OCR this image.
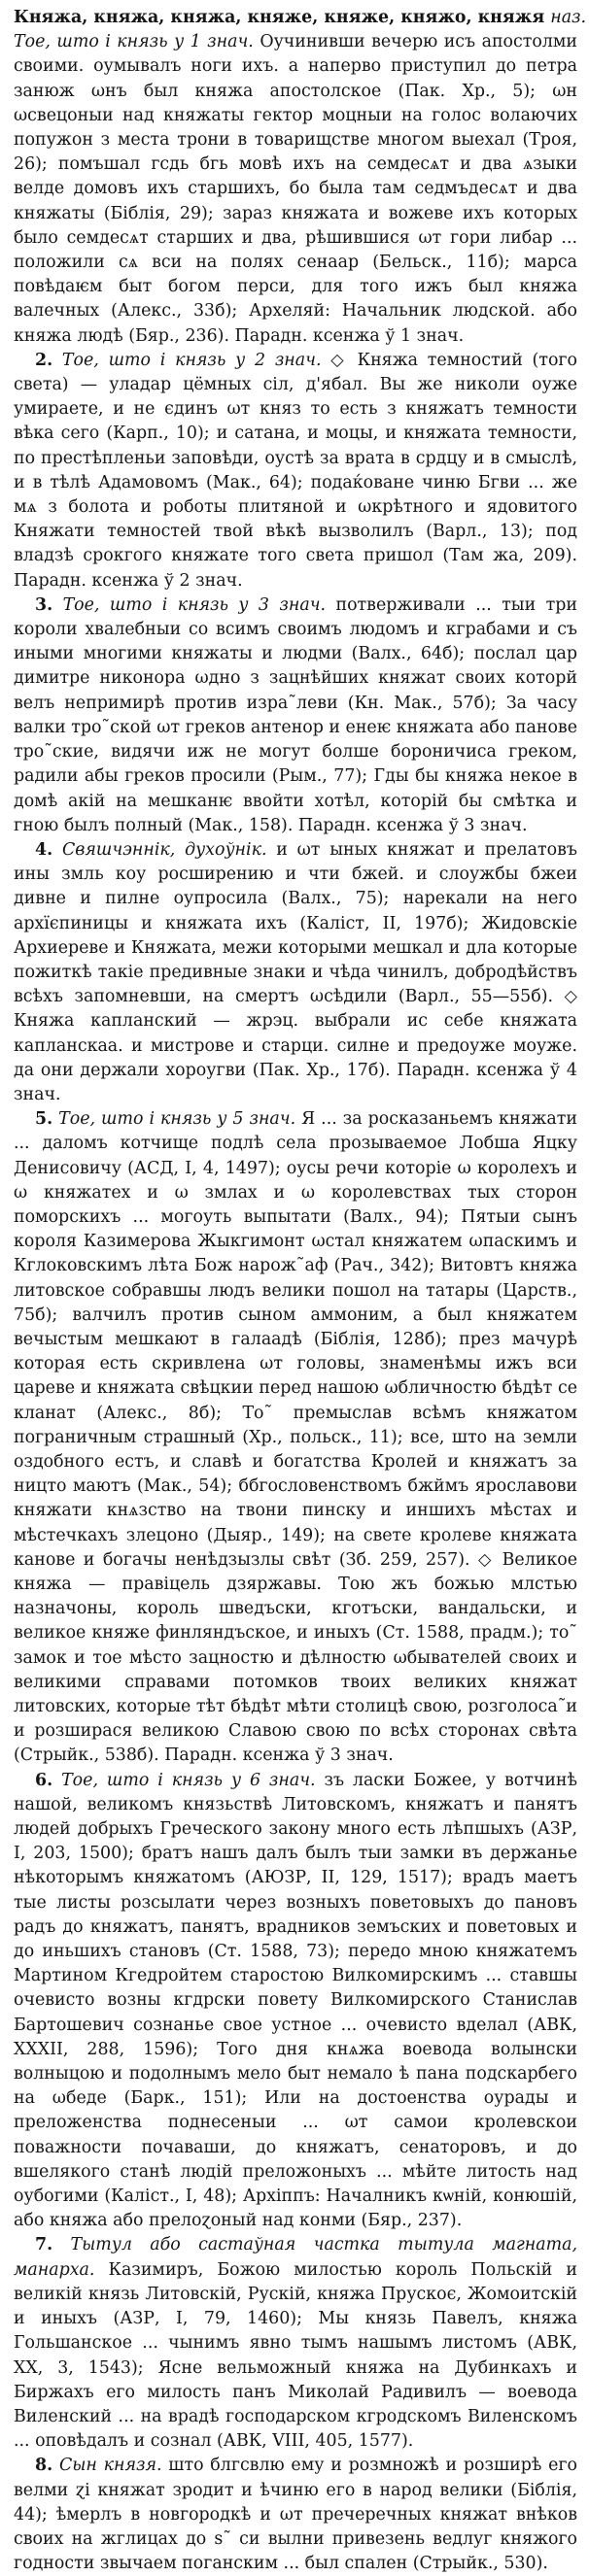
Княжа, княжа, княжа, княже, княже, княжо, княжя наз.

Тое, што і князь у 1 знач. Оучинивши вечерю исъ апостолми своими. оумывалъ ноги ихъ. а наперво приступил до петра занюж ωнъ был княжа апостолское (Пак. Хр., 5); ωн ωсвецоныи над княжаты гектор моцныи на голос волаючих попужон з места трони в товарищстве многом выехал (Троя, 26); помъшал гсдь бгь мовѣ ихъ на семдесѧт и два ѧзыки велде домовъ ихъ старшихъ, бо была там седмъдесѧт и два княжаты (Біблія, 29); зараз княжата и вожеве ихъ которых было семдесѧт старших и два, рѣшившися ωт гори либар ... положили сѧ вси на полях сенаар (Бельск., 11б); марса повѣдаѥм быт богом перси, для того ижъ был княжа валечных (Алекс., 33б); Археляй: Начальник людской. або княжа людѣ (Бяр., 236). Парадн. ксенжа ў 1 знач.

2. Тое, што і князь у 2 знач. ◇ Княжа темностий (того света) — уладар цёмных сіл, д'ябал. Вы же николи оуже умираете, и не єдинъ ωт княз то есть з княжатъ темности вѣка сего (Карп., 10); и сатана, и моцы, и княжата темности, по престѣпленьи заповѣди, оустѣ за врата в срдцу и в смыслѣ, и в тѣлѣ Адамовомъ (Мак., 64); подаќоване чиню Бгви ... же мѧ з болота и роботы плитяной и ωкрѣтного и ядовитого Княжати темностей твой вѣкѣ вызволилъ (Варл., 13); под владзѣ срокгого княжате того света пришол (Там жа, 209). Парадн. ксенжа ў 2 знач.

3. Тое, што і князь у 3 знач. потверживали ... тыи три короли хвалебныи со всимъ своимъ людомъ и кграбами и съ иными многими княжаты и людми (Валх., 64б); послал цар димитре никонора ωдно з зацнѣйших княжат своих которй велъ непримирѣ против изра˜леви (Кн. Мак., 57б); За часу валки тро˜ской ωт греков антенор и енеѥ княжата або панове тро˜ские, видячи иж не могут болше бороничиса греком, радили абы греков просили (Рым., 77); Гды бы княжа некое в домѣ акій на мешканѥ ввойти хотѣл, которій бы смѣтка и гною былъ полный (Мак., 158). Парадн. ксенжа ў 3 знач.

4. Свяшчэннік, духоўнік. и ωт ыных княжат и прелатовъ ины змль коу росширению и чти бжей. и слоужбы бжеи дивне и пилне оупросила (Валх., 75); нарекали на него архїєпиницы и княжата ихъ (Каліст, II, 197б); Жидовскіе Архиереве и Княжата, межи которыми мешкал и дла которые пожиткѣ такіе предивные знаки и чѣда чинилъ, добродѣйствъ всѣхъ запомневши, на смертъ ωсѣдили (Варл., 55—55б). ◇ Княжа капланский — жрэц. выбрали ис себе княжата капланскаа. и мистрове и старци. силне и предоуже моуже. да они держали хороугви (Пак. Хр., 17б). Парадн. ксенжа ў 4 знач.

5. Тое, што і князь у 5 знач. Я ... за росказаньемъ княжати ... даломъ котчище подлѣ села прозываемое Лобша Яцку Денисовичу (АСД, І, 4, 1497); оусы речи которіе ω королехъ и ω княжатех и ω змлах и ω королевствах тых сторон поморскихъ ... могоуть выпытати (Валх., 94); Пятыи сынъ короля Казимерова Жыкгимонт ωстал княжатем ωпаскимъ и Кглоковскимъ лѣта Бож нарож˜аф (Рач., 342); Витовтъ княжа литовское собравшы людъ велики пошол на татары (Царств., 75б); валчилъ против сыном аммоним, а был княжатем вечыстым мешкают в галаадѣ (Біблія, 128б); през мачурѣ которая есть скривлена ωт головы, знаменѣмы ижъ вси цареве и княжата свѣцкии перед нашою ωбличностю бѣдѣт се кланат (Алекс., 8б); То˜ премыслав всѣмъ княжатом пограничным страшный (Хр., польск., 11); все, што на земли оздобного естъ, и славѣ и богатства Кролей и княжатъ за ницто маютъ (Мак., 54); ббгословенствомъ бжймъ ярославови княжати кнѧзство на твони пинску и иншихъ мѣстах и мѣстечкахъ злецоно (Дыяр., 149); на свете кролеве княжата канове и богачы ненѣдзызлы свѣт (Зб. 259, 257). ◇ Великое княжа — правіцель дзяржавы. Тою жъ божью млстью назначоны, король шведъски, кготъски, вандальски, и великое княже финляндъское, и иныхъ (Ст. 1588, прадм.); то˜ замок и тое мѣсто зацностю и дѣлностю ωбывателей своих и великими справами потомков твоих великих княжат литовских, которые тѣт бѣдѣт мѣти столицѣ свою, розголоса˜и и розширася великою Славою свою по всѣх сторонах свѣта (Стрыйк., 538б). Парадн. ксенжа ў 3 знач.

6. Тое, што і князь у 6 знач. зъ ласки Божее, у вотчинѣ нашой, великомъ князьствѣ Литовскомъ, княжатъ и панятъ людей добрыхъ Греческого закону много есть лѣпшыхъ (АЗР, І, 203, 1500); братъ нашъ далъ былъ тыи замки въ держанье нѣкоторымъ княжатомъ (АЮЗР, ІІ, 129, 1517); врадъ маетъ тые листы розсылати через возныхъ поветовыхъ до пановъ радъ до княжатъ, панятъ, врадников земъских и поветовых и до иньшихъ становъ (Ст. 1588, 73); передо мною княжатемъ Мартином Кгедройтем старостою Вилкомирскимъ ... ставшы очевисто возны кгдрски повету Вилкомирского Станислав Бартошевич сознанье свое устное ... очевисто вделал (АВК, XXXII, 288, 1596); Того дня кнѧжа воевода волынски волныцою и подолнымъ мело быт немало ѣ пана подскарбего на ωбеде (Барк., 151); Или на достоенства оурады и преложенства поднесеныи ... ωт самои кролевскои поважности почаваши, до княжатъ, сенаторовъ, и до вшелякого станѣ людій преложоныхъ ... мѣйте литость над оубогими (Каліст., І, 48); Архіппъ: Началникъ кѡнiй, конюшій, або княжа або прелоɀоный над конми (Бяр., 237).

7. Тытул або састаўная частка тытула магната, манарха. Казимиръ, Божою милостью король Польскій и великій князь Литовскій, Рускій, княжа Прускоє, Жомоитскій и иныхъ (АЗР, І, 79, 1460); Мы князь Павелъ, княжа Гольшанское ... чынимъ явно тымъ нашымъ листомъ (АВК, XX, 3, 1543); Ясне вельможный княжа на Дубинкахъ и Биржахъ его милость панъ Миколай Радивилъ — воевода Виленский ... на врадѣ господарском кгродскомъ Виленскомъ ... оповѣдалъ и сознал (АВК, VIII, 405, 1577).

8. Сын князя. што блгсвлю ему и розмножѣ и розширѣ его велми ɀі княжат зродит и ѣчиню его в народ велики (Біблія, 44); ѣмерлъ в новгородкѣ и ωт пречеречных княжат внѣков своих на жглицах до ѕ˜ си вылни привезень ведлуг княжого годности звычаем поганским ... был спален (Стрыйк., 530).
